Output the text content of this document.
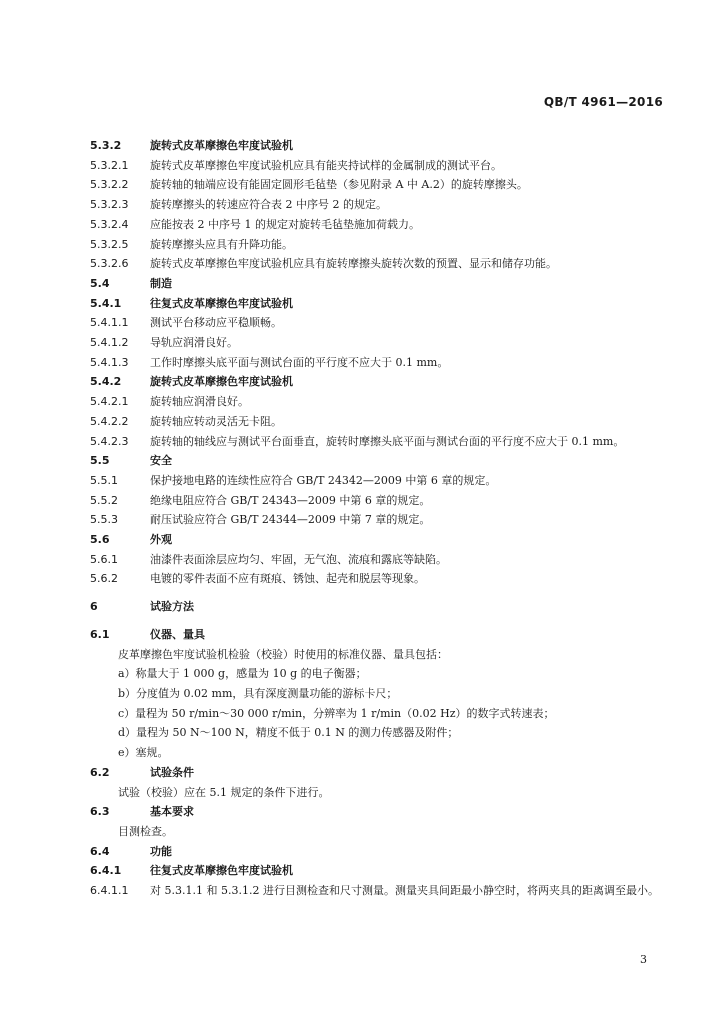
QB/T 4961—2016
5.3.2	旋转式皮革摩擦色牢度试验机
5.3.2.1 旋转式皮革摩擦色牢度试验机应具有能夹持试样的金属制成的测试平台。
5.3.2.2 旋转轴的轴端应设有能固定圆形毛毡垫（参见附录 A 中 A.2）的旋转摩擦头。
5.3.2.3 旋转摩擦头的转速应符合表 2 中序号 2 的规定。
5.3.2.4 应能按表 2 中序号 1 的规定对旋转毛毡垫施加荷载力。
5.3.2.5 旋转摩擦头应具有升降功能。
5.3.2.6 旋转式皮革摩擦色牢度试验机应具有旋转摩擦头旋转次数的预置、显示和储存功能。
5.4	制造
5.4.1	往复式皮革摩擦色牢度试验机
5.4.1.1 测试平台移动应平稳顺畅。
5.4.1.2 导轨应润滑良好。
5.4.1.3 工作时摩擦头底平面与测试台面的平行度不应大于 0.1 mm。
5.4.2	旋转式皮革摩擦色牢度试验机
5.4.2.1 旋转轴应润滑良好。
5.4.2.2 旋转轴应转动灵活无卡阻。
5.4.2.3 旋转轴的轴线应与测试平台面垂直，旋转时摩擦头底平面与测试台面的平行度不应大于 0.1 mm。
5.5	安全
5.5.1	保护接地电路的连续性应符合 GB/T 24342—2009 中第 6 章的规定。
5.5.2	绝缘电阻应符合 GB/T 24343—2009 中第 6 章的规定。
5.5.3	耐压试验应符合 GB/T 24344—2009 中第 7 章的规定。
5.6	外观
5.6.1	油漆件表面涂层应均匀、牢固，无气泡、流痕和露底等缺陷。
5.6.2	电镀的零件表面不应有斑痕、锈蚀、起壳和脱层等现象。
6	试验方法
6.1	仪器、量具
皮革摩擦色牢度试验机检验（校验）时使用的标准仪器、量具包括：
a）称量大于 1 000 g，感量为 10 g 的电子衡器；
b）分度值为 0.02 mm，具有深度测量功能的游标卡尺；
c）量程为 50 r/min～30 000 r/min，分辨率为 1 r/min（0.02 Hz）的数字式转速表；
d）量程为 50 N～100 N，精度不低于 0.1 N 的测力传感器及附件；
e）塞规。
6.2	试验条件
试验（校验）应在 5.1 规定的条件下进行。
6.3	基本要求
目测检查。
6.4	功能
6.4.1	往复式皮革摩擦色牢度试验机
6.4.1.1 对 5.3.1.1 和 5.3.1.2 进行目测检查和尺寸测量。测量夹具间距最小静空时，将两夹具的距离调至最小。
3
